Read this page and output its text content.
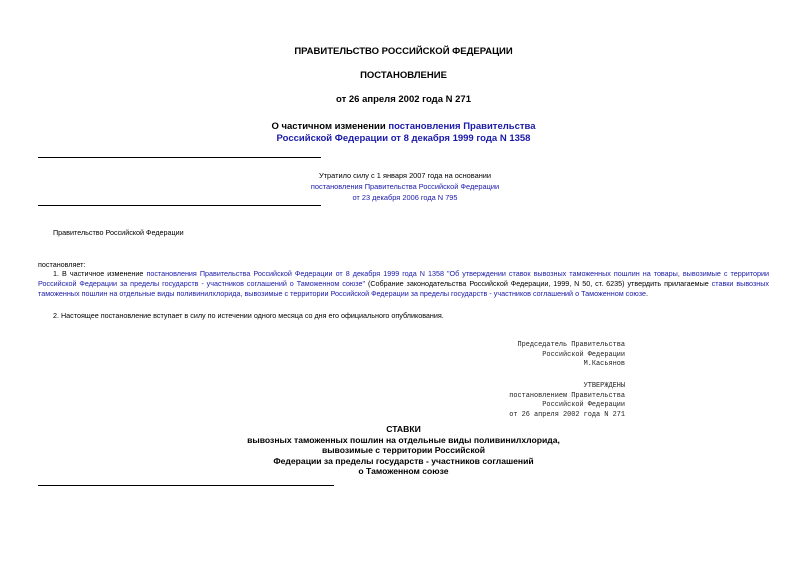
ПРАВИТЕЛЬСТВО РОССИЙСКОЙ ФЕДЕРАЦИИ
ПОСТАНОВЛЕНИЕ
от 26 апреля 2002 года N 271
О частичном изменении постановления Правительства
Российской Федерации от 8 декабря 1999 года N 1358
Утратило силу с 1 января 2007 года на основании
постановления Правительства Российской Федерации
от 23 декабря 2006 года N 795
Правительство Российской Федерации
постановляет:
1. В частичное изменение постановления Правительства Российской Федерации от 8 декабря 1999 года N 1358 "Об утверждении ставок вывозных таможенных пошлин на товары, вывозимые с территории Российской Федерации за пределы государств - участников соглашений о Таможенном союзе" (Собрание законодательства Российской Федерации, 1999, N 50, ст. 6235) утвердить прилагаемые ставки вывозных таможенных пошлин на отдельные виды поливинилхлорида, вывозимые с территории Российской Федерации за пределы государств - участников соглашений о Таможенном союзе.
2. Настоящее постановление вступает в силу по истечении одного месяца со дня его официального опубликования.
Председатель Правительства
Российской Федерации
М.Касьянов
УТВЕРЖДЕНЫ
постановлением Правительства
Российской Федерации
от 26 апреля 2002 года N 271
СТАВКИ
вывозных таможенных пошлин на отдельные виды поливинилхлорида,
вывозимые с территории Российской
Федерации за пределы государств - участников соглашений
о Таможенном союзе
